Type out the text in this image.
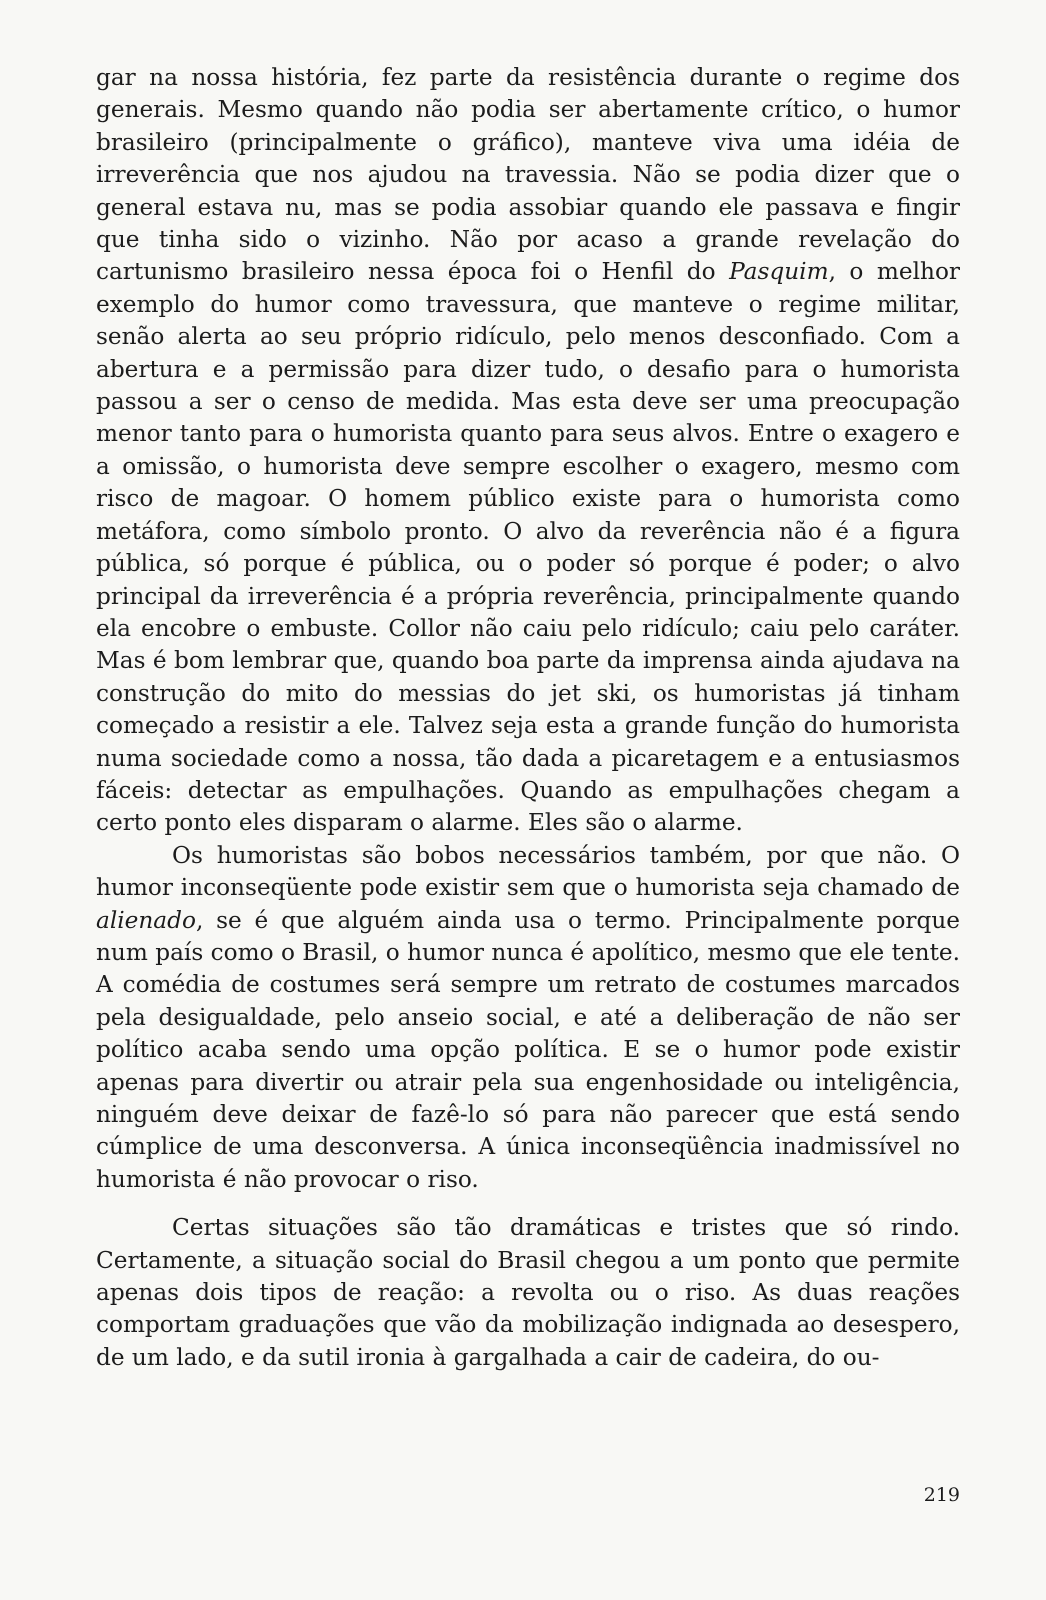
gar na nossa história, fez parte da resistência durante o regime dos generais. Mesmo quando não podia ser abertamente crítico, o humor brasileiro (principalmente o gráfico), manteve viva uma idéia de irreverência que nos ajudou na travessia. Não se podia dizer que o general estava nu, mas se podia assobiar quando ele passava e fingir que tinha sido o vizinho. Não por acaso a grande revelação do cartunismo brasileiro nessa época foi o Henfil do Pasquim, o melhor exemplo do humor como travessura, que manteve o regime militar, senão alerta ao seu próprio ridículo, pelo menos desconfiado. Com a abertura e a permissão para dizer tudo, o desafio para o humorista passou a ser o censo de medida. Mas esta deve ser uma preocupação menor tanto para o humorista quanto para seus alvos. Entre o exagero e a omissão, o humorista deve sempre escolher o exagero, mesmo com risco de magoar. O homem público existe para o humorista como metáfora, como símbolo pronto. O alvo da reverência não é a figura pública, só porque é pública, ou o poder só porque é poder; o alvo principal da irreverência é a própria reverência, principalmente quando ela encobre o embuste. Collor não caiu pelo ridículo; caiu pelo caráter. Mas é bom lembrar que, quando boa parte da imprensa ainda ajudava na construção do mito do messias do jet ski, os humoristas já tinham começado a resistir a ele. Talvez seja esta a grande função do humorista numa sociedade como a nossa, tão dada a picaretagem e a entusiasmos fáceis: detectar as empulhações. Quando as empulhações chegam a certo ponto eles disparam o alarme. Eles são o alarme.

Os humoristas são bobos necessários também, por que não. O humor inconseqüente pode existir sem que o humorista seja chamado de alienado, se é que alguém ainda usa o termo. Principalmente porque num país como o Brasil, o humor nunca é apolítico, mesmo que ele tente. A comédia de costumes será sempre um retrato de costumes marcados pela desigualdade, pelo anseio social, e até a deliberação de não ser político acaba sendo uma opção política. E se o humor pode existir apenas para divertir ou atrair pela sua engenhosidade ou inteligência, ninguém deve deixar de fazê-lo só para não parecer que está sendo cúmplice de uma desconversa. A única inconseqüência inadmissível no humorista é não provocar o riso.

Certas situações são tão dramáticas e tristes que só rindo. Certamente, a situação social do Brasil chegou a um ponto que permite apenas dois tipos de reação: a revolta ou o riso. As duas reações comportam graduações que vão da mobilização indignada ao desespero, de um lado, e da sutil ironia à gargalhada a cair de cadeira, do ou-

219
